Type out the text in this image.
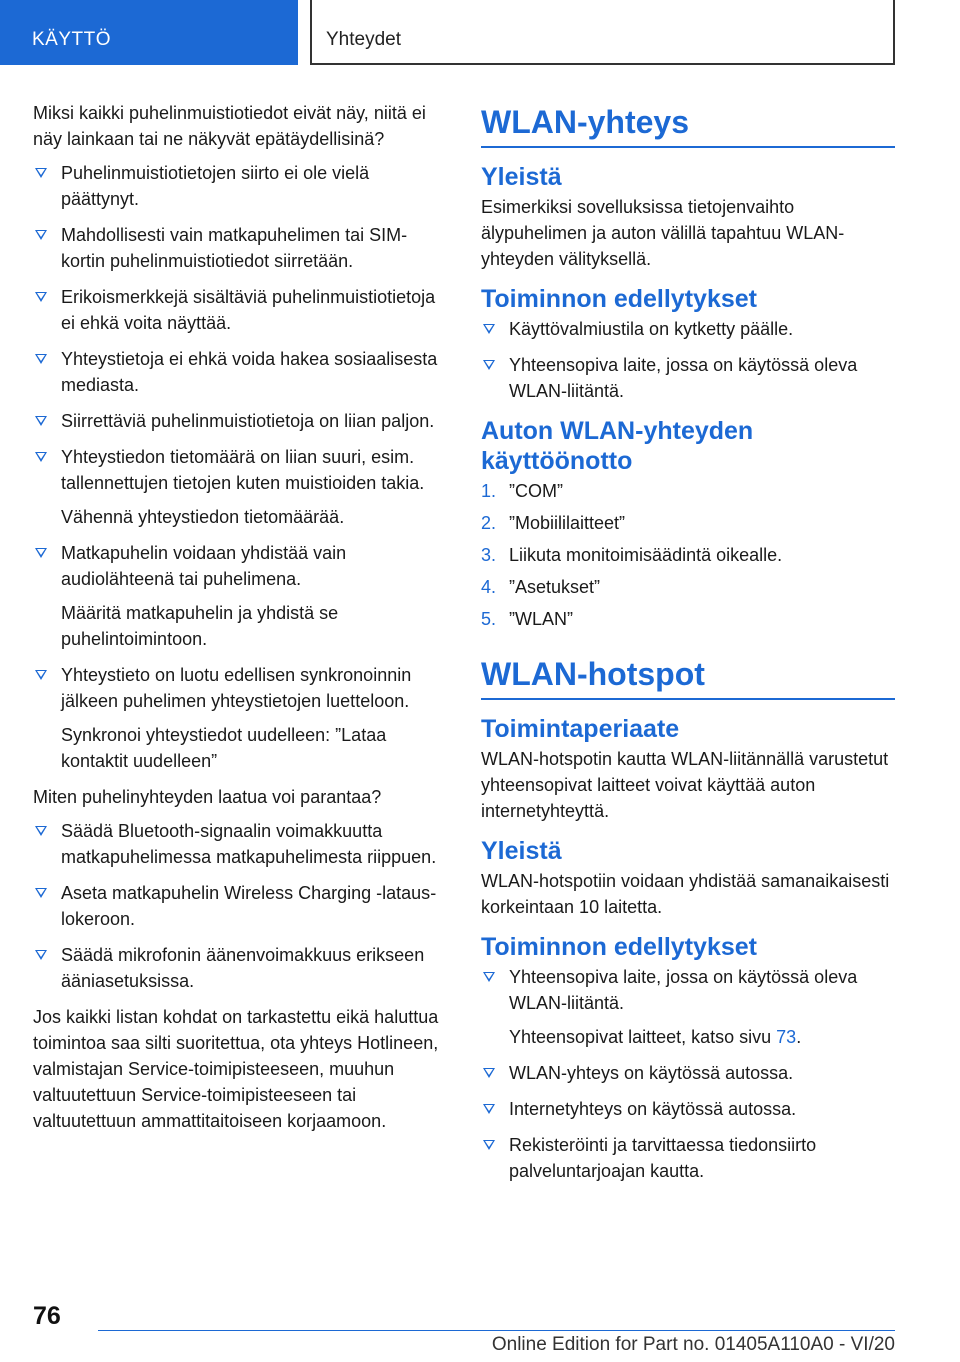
KÄYTTÖ	Yhteydet

Miksi kaikki puhelinmuistiotiedot eivät näy, niitä ei näy lainkaan tai ne näkyvät epätäydellisinä?

Puhelinmuistiotietojen siirto ei ole vielä päättynyt.
Mahdollisesti vain matkapuhelimen tai SIM-kortin puhelinmuistiotiedot siirretään.
Erikoismerkkejä sisältäviä puhelinmuistiotietoja ei ehkä voita näyttää.
Yhteystietoja ei ehkä voida hakea sosiaalisesta mediasta.
Siirrettäviä puhelinmuistiotietoja on liian paljon.
Yhteystiedon tietomäärä on liian suuri, esim. tallennettujen tietojen kuten muistioiden takia.
Vähennä yhteystiedon tietomäärää.
Matkapuhelin voidaan yhdistää vain audiolähteenä tai puhelimena.
Määritä matkapuhelin ja yhdistä se puhelintoimintoon.
Yhteystieto on luotu edellisen synkronoinnin jälkeen puhelimen yhteystietojen luetteloon.
Synkronoi yhteystiedot uudelleen: ”Lataa kontaktit uudelleen”

Miten puhelinyhteyden laatua voi parantaa?

Säädä Bluetooth-signaalin voimakkuutta matkapuhelimessa matkapuhelimesta riippuen.
Aseta matkapuhelin Wireless Charging -latauslokeroon.
Säädä mikrofonin äänenvoimakkuus erikseen ääniasetuksissa.

Jos kaikki listan kohdat on tarkastettu eikä haluttua toimintoa saa silti suoritettua, ota yhteys Hotlineen, valmistajan Service-toimipisteeseen, muuhun valtuutettuun Service-toimipisteeseen tai valtuutettuun ammattitaitoiseen korjaamoon.

WLAN-yhteys
Yleistä

Esimerkiksi sovelluksissa tietojenvaihto älypuhelimen ja auton välillä tapahtuu WLAN-yhteyden välityksellä.

Toiminnon edellytykset
Käyttövalmiustila on kytketty päälle.
Yhteensopiva laite, jossa on käytössä oleva WLAN-liitäntä.
Auton WLAN-yhteyden käyttöönotto
1. ”COM”
2. ”Mobiililaitteet”
3. Liikuta monitoimisäädintä oikealle.
4. ”Asetukset”
5. ”WLAN”
WLAN-hotspot
Toimintaperiaate

WLAN-hotspotin kautta WLAN-liitännällä varustetut yhteensopivat laitteet voivat käyttää auton internetyhteyttä.

Yleistä

WLAN-hotspotiin voidaan yhdistää samanaikaisesti korkeintaan 10 laitetta.

Toiminnon edellytykset
Yhteensopiva laite, jossa on käytössä oleva WLAN-liitäntä.
Yhteensopivat laitteet, katso sivu 73.
WLAN-yhteys on käytössä autossa.
Internetyhteys on käytössä autossa.
Rekisteröinti ja tarvittaessa tiedonsiirto palveluntarjoajan kautta.
76
Online Edition for Part no. 01405A110A0 - VI/20
